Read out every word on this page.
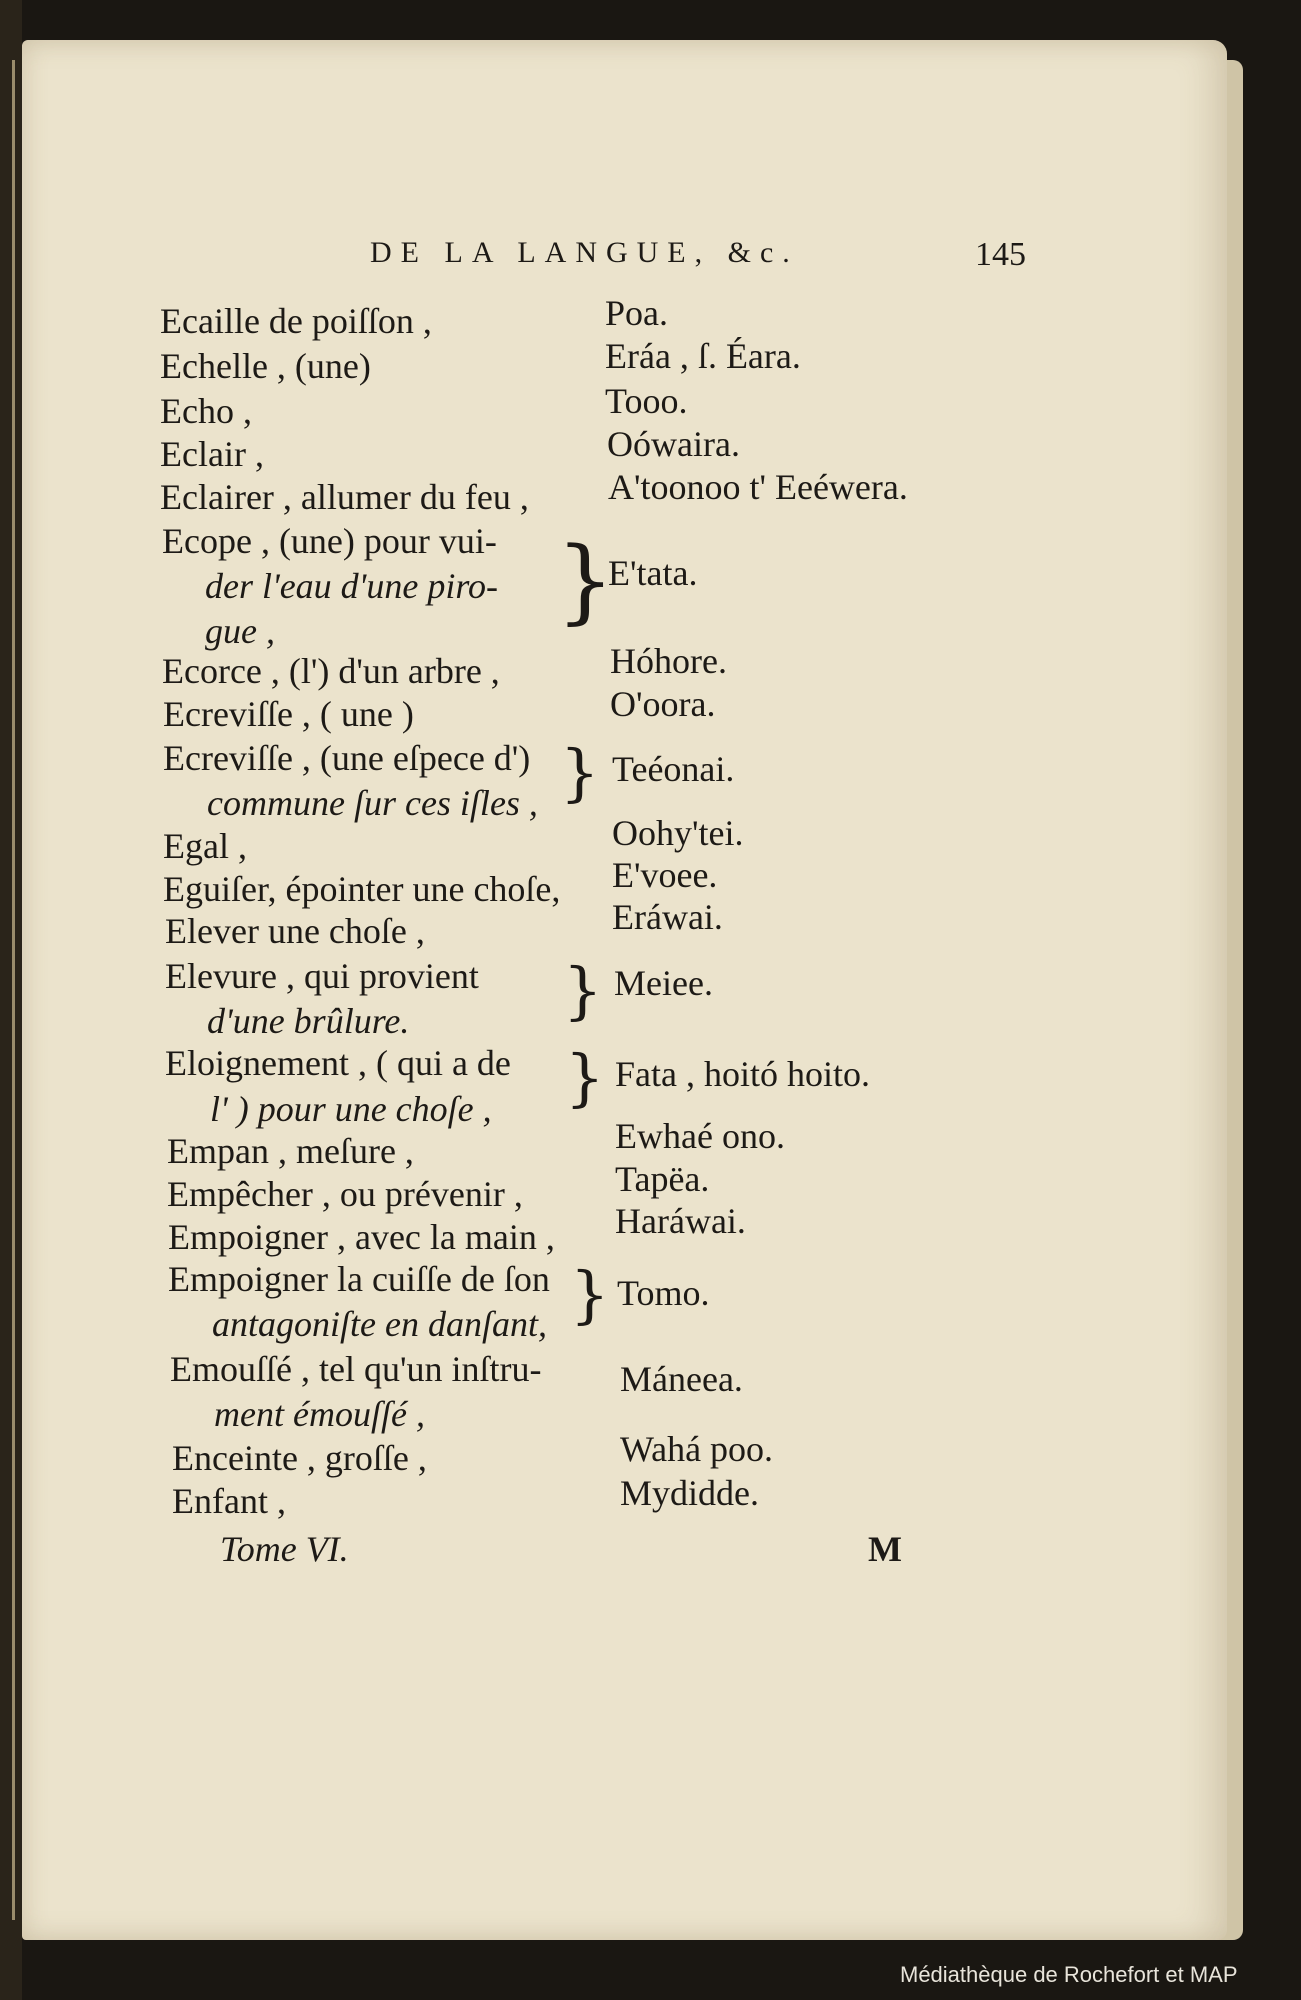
DE LA LANGUE, &c.	145
Ecaille de poiſſon ,
Echelle , (une)
Echo ,
Eclair ,
Eclairer , allumer du feu ,
Ecope , (une) pour vui-
der l'eau d'une piro-
gue ,
Ecorce , (l') d'un arbre ,
Ecreviſſe , ( une )
Ecreviſſe , (une eſpece d')
commune ſur ces iſles ,
Egal ,
Eguiſer, épointer une choſe,
Elever une choſe ,
Elevure , qui provient
d'une brûlure.
Eloignement , ( qui a de
l' ) pour une choſe ,
Empan , meſure ,
Empêcher , ou prévenir ,
Empoigner , avec la main ,
Empoigner la cuiſſe de ſon
antagoniſte en danſant,
Emouſſé , tel qu'un inſtru-
ment émouſſé ,
Enceinte , groſſe ,
Enfant ,
}
}
}
}
}
Poa.
Eráa , ſ. Éara.
Tooo.
Oówaira.
A'toonoo t' Eeéwera.
E'tata.
Hóhore.
O'oora.
Teéonai.
Oohy'tei.
E'voee.
Eráwai.
Meiee.
Fata , hoitó hoito.
Ewhaé ono.
Tapëa.
Haráwai.
Tomo.
Máneea.
Wahá poo.
Mydidde.
Tome VI.	M
Médiathèque de Rochefort et MAP
